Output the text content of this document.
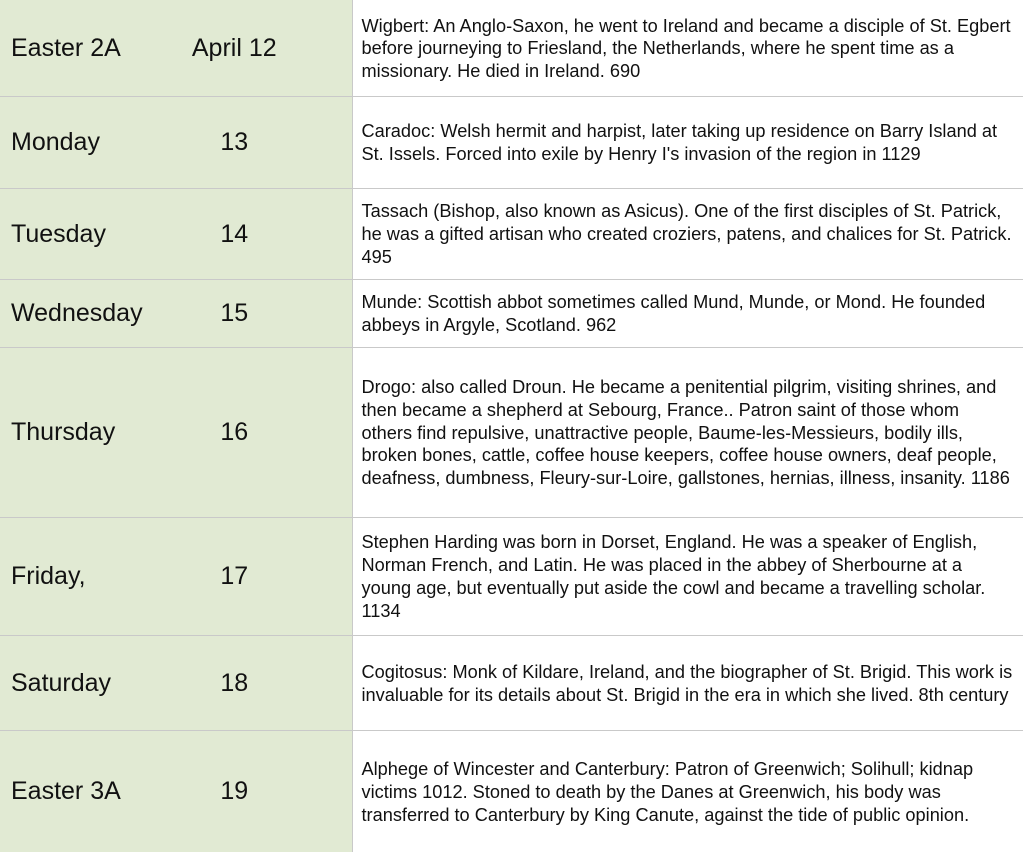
Easter 2A	April 12	Wigbert: An Anglo-Saxon, he went to Ireland and became a disciple of St. Egbert before journeying to Friesland, the Netherlands, where he spent time as a missionary. He died in Ireland. 690
Monday	13	Caradoc: Welsh hermit and harpist, later taking up residence on Barry Island at St. Issels. Forced into exile by Henry I's invasion of the region in 1129
Tuesday	14	Tassach (Bishop, also known as Asicus). One of the first disciples of St. Patrick, he was a gifted artisan who created croziers, patens, and chalices for St. Patrick. 495
Wednesday	15	Munde: Scottish abbot sometimes called Mund, Munde, or Mond. He founded abbeys in Argyle, Scotland. 962
Thursday	16	Drogo: also called Droun. He became a penitential pilgrim, visiting shrines, and then became a shepherd at Sebourg, France.. Patron saint of those whom others find repulsive, unattractive people, Baume-les-Messieurs, bodily ills, broken bones, cattle, coffee house keepers, coffee house owners, deaf people, deafness, dumbness, Fleury-sur-Loire, gallstones, hernias, illness, insanity. 1186
Friday,	17	Stephen Harding was born in Dorset, England. He was a speaker of English, Norman French, and Latin. He was placed in the abbey of Sherbourne at a young age, but eventually put aside the cowl and became a travelling scholar. 1134
Saturday	18	Cogitosus: Monk of Kildare, Ireland, and the biographer of St. Brigid. This work is invaluable for its details about St. Brigid in the era in which she lived. 8th century
Easter 3A	19	Alphege of Wincester and Canterbury: Patron of Greenwich; Solihull; kidnap victims 1012. Stoned to death by the Danes at Greenwich, his body was transferred to Canterbury by King Canute, against the tide of public opinion.
